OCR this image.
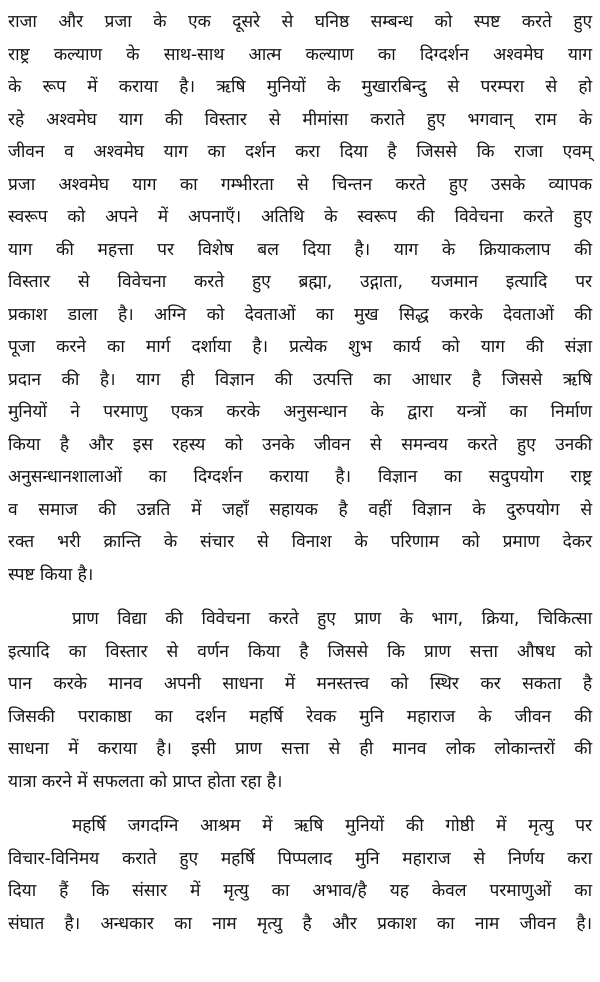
राजा और प्रजा के एक दूसरे से घनिष्ठ सम्बन्ध को स्पष्ट करते हुए
राष्ट्र कल्याण के साथ-साथ आत्म कल्याण का दिग्दर्शन अश्वमेघ याग
के रूप में कराया है। ऋषि मुनियों के मुखारबिन्दु से परम्परा से हो
रहे अश्वमेघ याग की विस्तार से मीमांसा कराते हुए भगवान् राम के
जीवन व अश्वमेघ याग का दर्शन करा दिया है जिससे कि राजा एवम्
प्रजा अश्वमेघ याग का गम्भीरता से चिन्तन करते हुए उसके व्यापक
स्वरूप को अपने में अपनाएँ। अतिथि के स्वरूप की विवेचना करते हुए
याग की महत्ता पर विशेष बल दिया है। याग के क्रियाकलाप की
विस्तार से विवेचना करते हुए ब्रह्मा, उद्गाता, यजमान इत्यादि पर
प्रकाश डाला है। अग्नि को देवताओं का मुख सिद्ध करके देवताओं की
पूजा करने का मार्ग दर्शाया है। प्रत्येक शुभ कार्य को याग की संज्ञा
प्रदान की है। याग ही विज्ञान की उत्पत्ति का आधार है जिससे ऋषि
मुनियों ने परमाणु एकत्र करके अनुसन्धान के द्वारा यन्त्रों का निर्माण
किया है और इस रहस्य को उनके जीवन से समन्वय करते हुए उनकी
अनुसन्धानशालाओं का दिग्दर्शन कराया है। विज्ञान का सदुपयोग राष्ट्र
व समाज की उन्नति में जहाँ सहायक है वहीं विज्ञान के दुरुपयोग से
रक्त भरी क्रान्ति के संचार से विनाश के परिणाम को प्रमाण देकर
स्पष्ट किया है।
प्राण विद्या की विवेचना करते हुए प्राण के भाग, क्रिया, चिकित्सा
इत्यादि का विस्तार से वर्णन किया है जिससे कि प्राण सत्ता औषध को
पान करके मानव अपनी साधना में मनस्तत्त्व को स्थिर कर सकता है
जिसकी पराकाष्ठा का दर्शन महर्षि रेवक मुनि महाराज के जीवन की
साधना में कराया है। इसी प्राण सत्ता से ही मानव लोक लोकान्तरों की
यात्रा करने में सफलता को प्राप्त होता रहा है।
महर्षि जगदग्नि आश्रम में ऋषि मुनियों की गोष्ठी में मृत्यु पर
विचार-विनिमय कराते हुए महर्षि पिप्पलाद मुनि महाराज से निर्णय करा
दिया हैं कि संसार में मृत्यु का अभाव/है यह केवल परमाणुओं का
संघात है। अन्धकार का नाम मृत्यु है और प्रकाश का नाम जीवन है।
